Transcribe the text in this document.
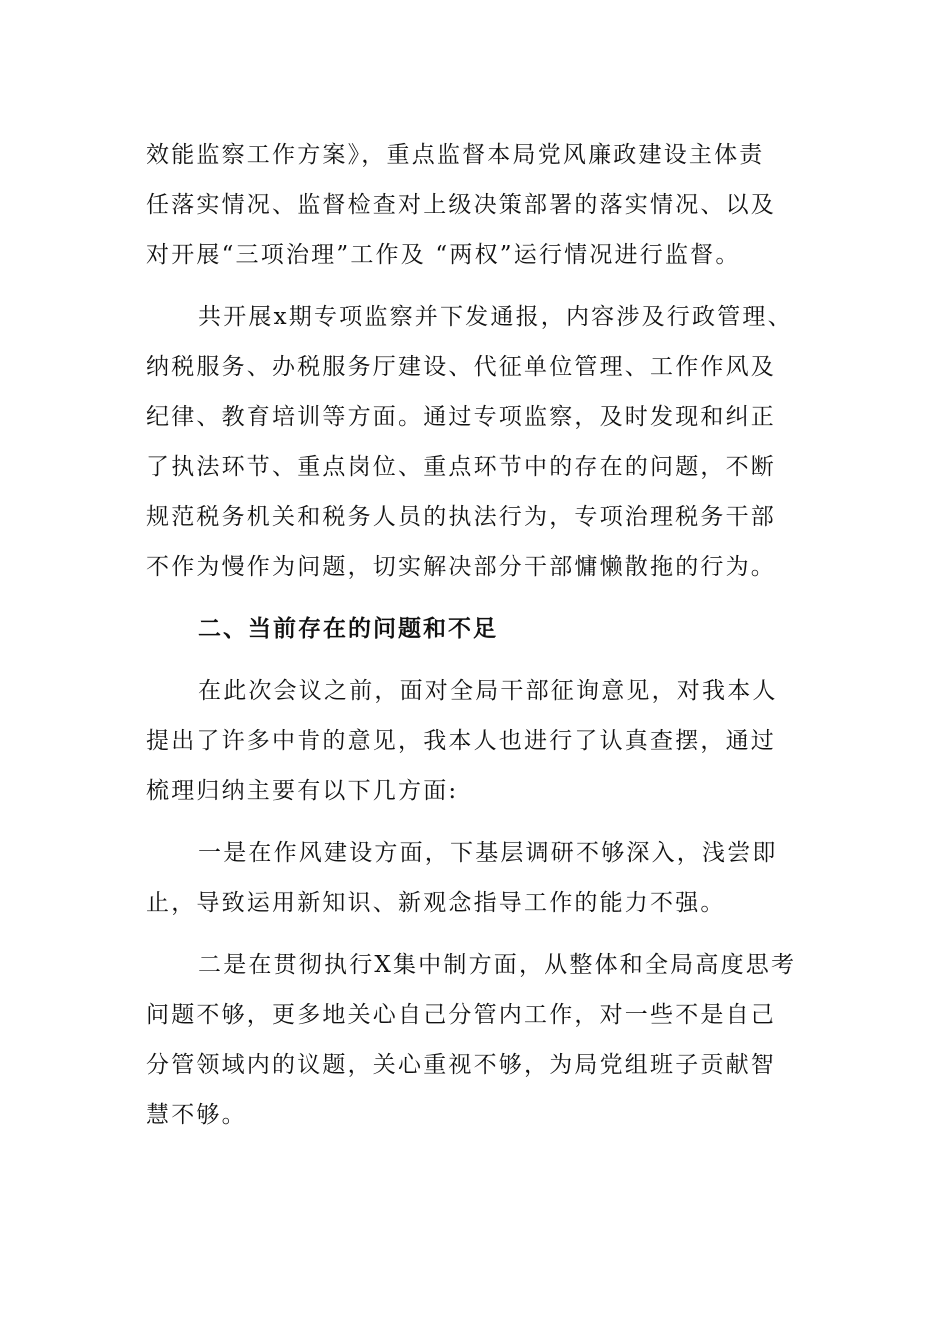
效能监察工作方案》，重点监督本局党风廉政建设主体责
任落实情况、监督检查对上级决策部署的落实情况、以及
对开展“三项治理”工作及 “两权”运行情况进行监督。
共开展x期专项监察并下发通报，内容涉及行政管理、
纳税服务、办税服务厅建设、代征单位管理、工作作风及
纪律、教育培训等方面。通过专项监察，及时发现和纠正
了执法环节、重点岗位、重点环节中的存在的问题，不断
规范税务机关和税务人员的执法行为，专项治理税务干部
不作为慢作为问题，切实解决部分干部慵懒散拖的行为。
二、当前存在的问题和不足
在此次会议之前，面对全局干部征询意见，对我本人
提出了许多中肯的意见，我本人也进行了认真查摆，通过
梳理归纳主要有以下几方面:
一是在作风建设方面，下基层调研不够深入，浅尝即
止，导致运用新知识、新观念指导工作的能力不强。
二是在贯彻执行X集中制方面，从整体和全局高度思考
问题不够，更多地关心自己分管内工作，对一些不是自己
分管领域内的议题，关心重视不够，为局党组班子贡献智
慧不够。
